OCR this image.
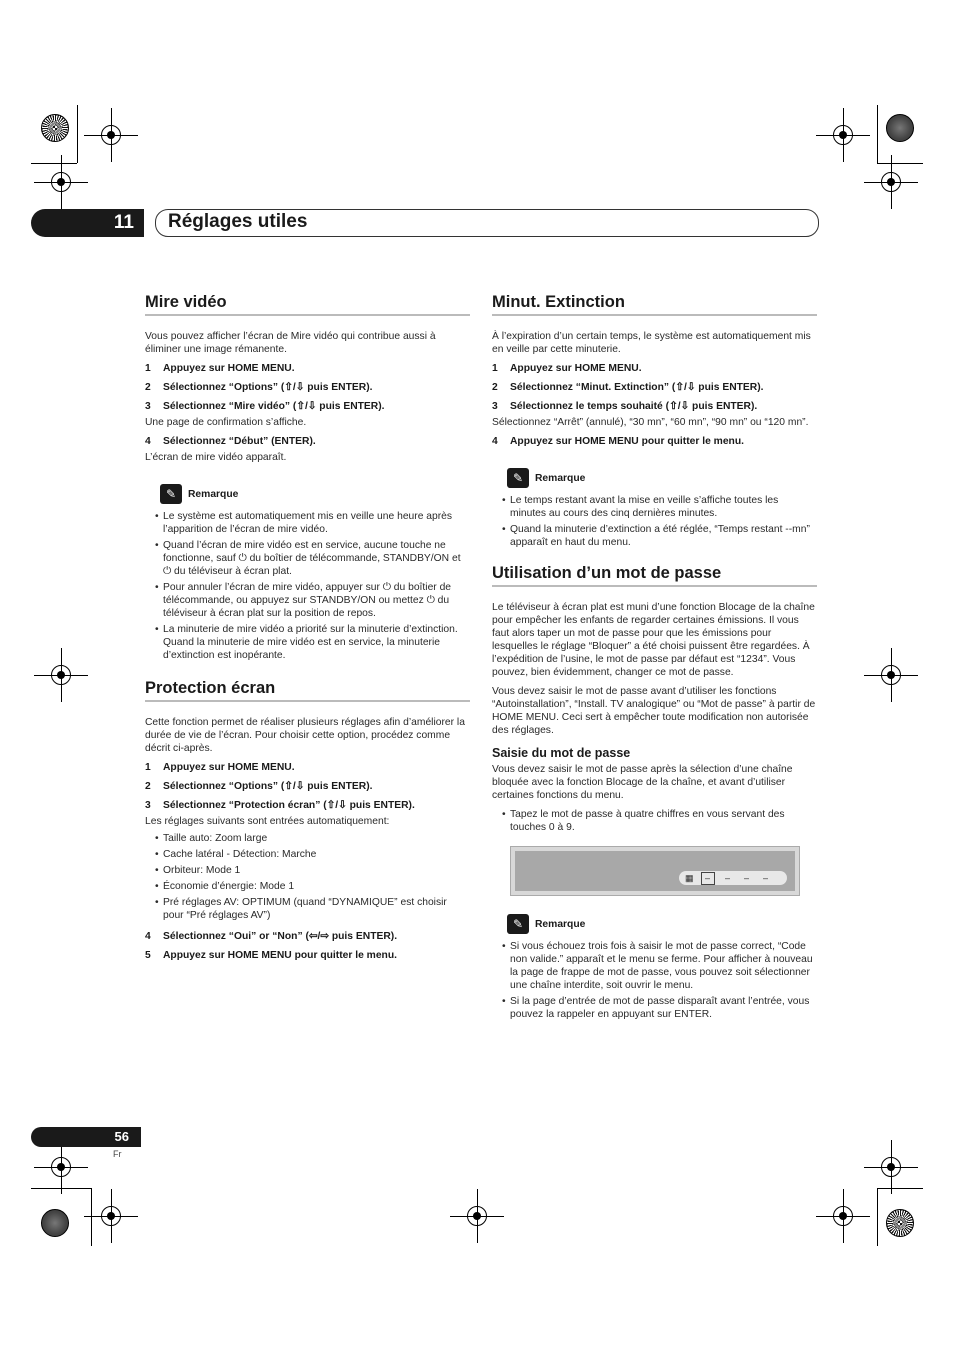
11 Réglages utiles
Mire vidéo

Vous pouvez afficher l’écran de Mire vidéo qui contribue aussi à éliminer une image rémanente.

1	Appuyez sur HOME MENU.
2	Sélectionnez “Options” (⇧/⇩ puis ENTER).
3	Sélectionnez “Mire vidéo” (⇧/⇩ puis ENTER).
Une page de confirmation s’affiche.
4	Sélectionnez “Début” (ENTER).
L’écran de mire vidéo apparaît.
✎	Remarque
• Le système est automatiquement mis en veille une heure après l’apparition de l’écran de mire vidéo.
• Quand l’écran de mire vidéo est en service, aucune touche ne fonctionne, sauf ⏻ du boîtier de télécommande, STANDBY/ON et ⏻ du téléviseur à écran plat.
• Pour annuler l’écran de mire vidéo, appuyer sur ⏻ du boîtier de télécommande, ou appuyez sur STANDBY/ON ou mettez ⏻ du téléviseur à écran plat sur la position de repos.
• La minuterie de mire vidéo a priorité sur la minuterie d’extinction. Quand la minuterie de mire vidéo est en service, la minuterie d’extinction est inopérante.
Protection écran

Cette fonction permet de réaliser plusieurs réglages afin d’améliorer la durée de vie de l’écran. Pour choisir cette option, procédez comme décrit ci-après.

1	Appuyez sur HOME MENU.
2	Sélectionnez “Options” (⇧/⇩ puis ENTER).
3	Sélectionnez “Protection écran” (⇧/⇩ puis ENTER).
Les réglages suivants sont entrées automatiquement:
• Taille auto: Zoom large
• Cache latéral - Détection: Marche
• Orbiteur: Mode 1
• Économie d’énergie: Mode 1
• Pré réglages AV: OPTIMUM (quand “DYNAMIQUE” est choisir pour “Pré réglages AV”)
4	Sélectionnez “Oui” or “Non” (⇦/⇨ puis ENTER).
5	Appuyez sur HOME MENU pour quitter le menu.
Minut. Extinction

À l’expiration d’un certain temps, le système est automatiquement mis en veille par cette minuterie.

1	Appuyez sur HOME MENU.
2	Sélectionnez “Minut. Extinction” (⇧/⇩ puis ENTER).
3	Sélectionnez le temps souhaité (⇧/⇩ puis ENTER).
Sélectionnez “Arrêt” (annulé), “30 mn”, “60 mn”, “90 mn” ou “120 mn”.
4	Appuyez sur HOME MENU pour quitter le menu.
✎	Remarque
• Le temps restant avant la mise en veille s’affiche toutes les minutes au cours des cinq dernières minutes.
• Quand la minuterie d’extinction a été réglée, “Temps restant --mn” apparaît en haut du menu.
Utilisation d’un mot de passe

Le téléviseur à écran plat est muni d’une fonction Blocage de la chaîne pour empêcher les enfants de regarder certaines émissions. Il vous faut alors taper un mot de passe pour que les émissions pour lesquelles le réglage “Bloquer” a été choisi puissent être regardées. À l’expédition de l’usine, le mot de passe par défaut est “1234”. Vous pouvez, bien évidemment, changer ce mot de passe.

Vous devez saisir le mot de passe avant d’utiliser les fonctions “Autoinstallation”, “Install. TV analogique” ou “Mot de passe” à partir de HOME MENU. Ceci sert à empêcher toute modification non autorisée des réglages.

Saisie du mot de passe

Vous devez saisir le mot de passe après la sélection d’une chaîne bloquée avec la fonction Blocage de la chaîne, et avant d’utiliser certaines fonctions du menu.

• Tapez le mot de passe à quatre chiffres en vous servant des touches 0 à 9.
▦	–	–	–	–
✎	Remarque
• Si vous échouez trois fois à saisir le mot de passe correct, “Code non valide.” apparaît et le menu se ferme. Pour afficher à nouveau la page de frappe de mot de passe, vous pouvez soit sélectionner une chaîne interdite, soit ouvrir le menu.
• Si la page d’entrée de mot de passe disparaît avant l’entrée, vous pouvez la rappeler en appuyant sur ENTER.
56
Fr
